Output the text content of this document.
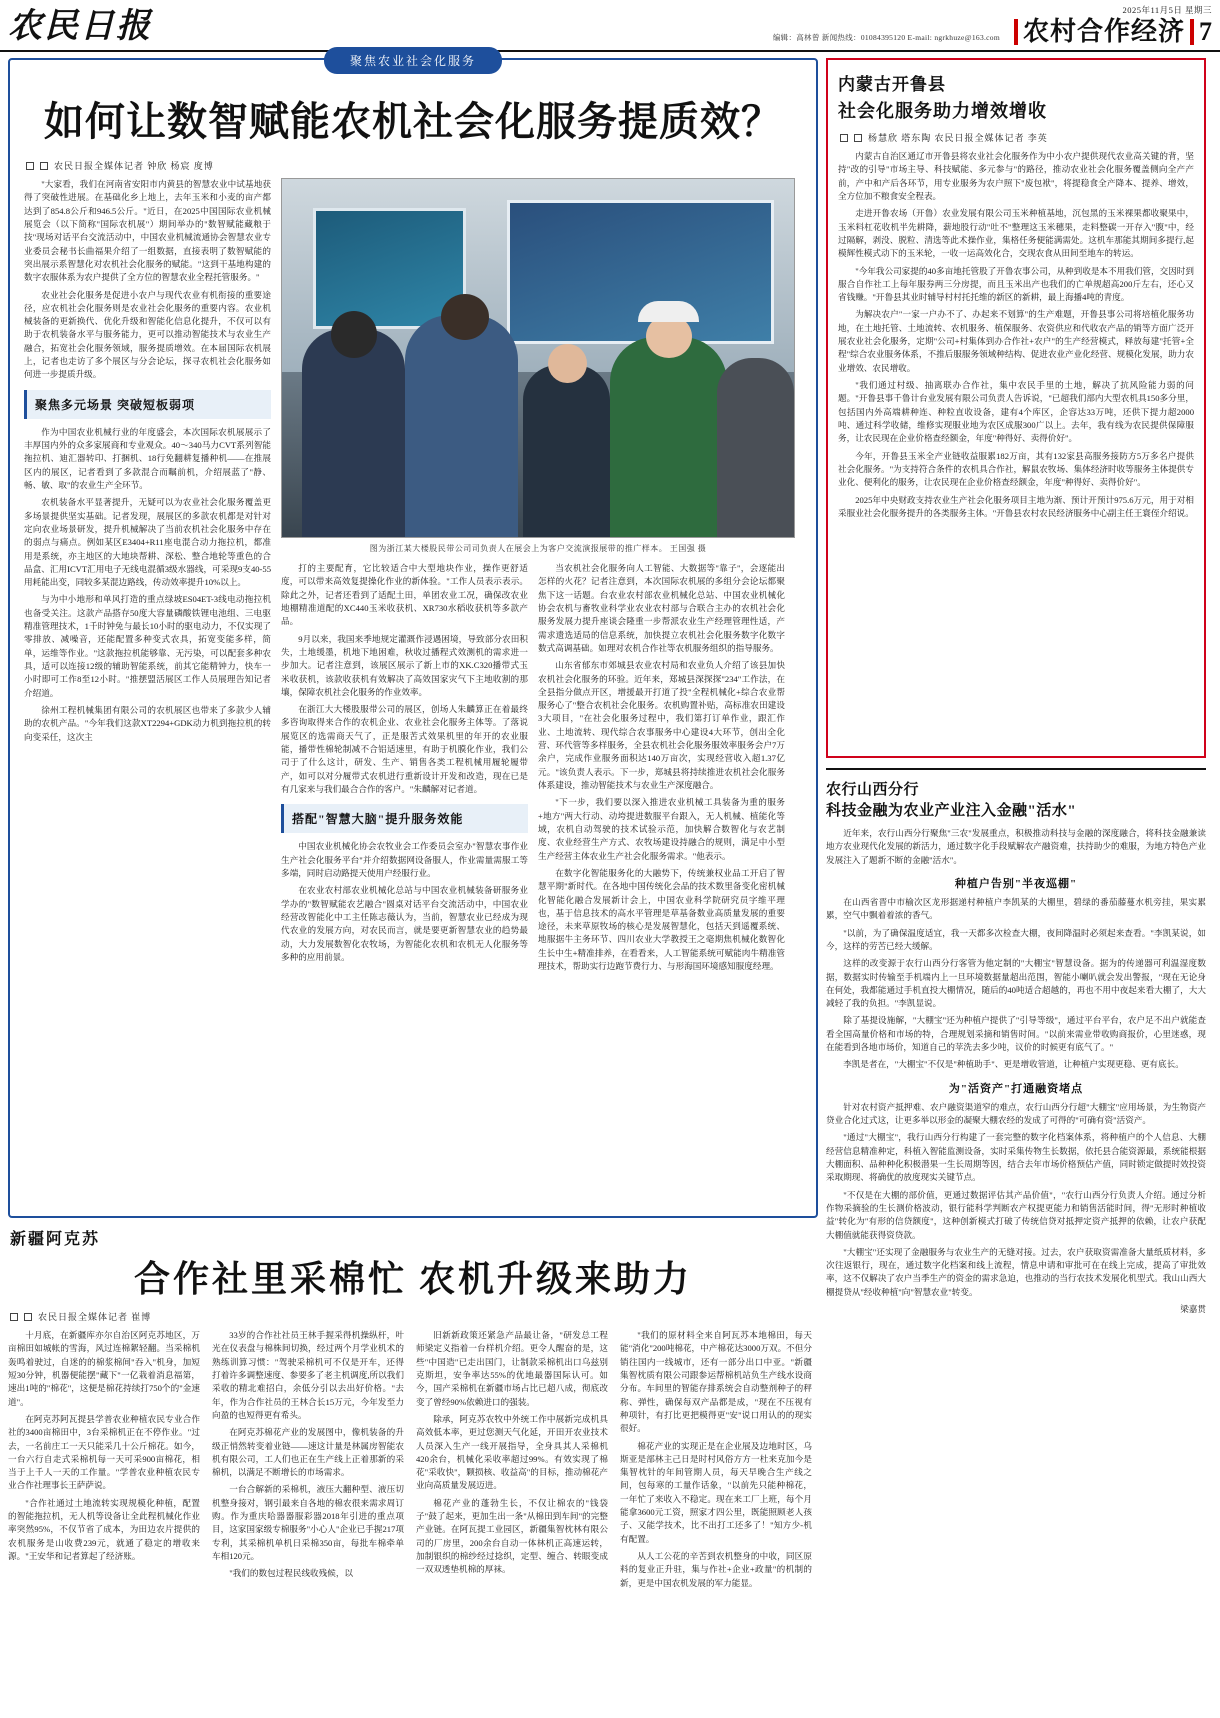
农民日报	编辑：高林曾 新闻热线：01084395120 E-mail: ngrkhuze@163.com
2025年11月5日 星期三
农村合作经济 7
聚焦农业社会化服务
如何让数智赋能农机社会化服务提质效？
农民日报全媒体记者 钟欣 杨宸 度博

"大家看，我们在河南省安阳市内黄县的智慧农业中试基地获得了突破性进展。在基础化乡上地上，去年玉米和小麦的亩产都达到了854.8公斤和946.5公斤。"近日，在2025中国国际农业机械展览会（以下简称"国际农机展"）期间举办的"数智赋能藏粮于技"现场对话平台交流活动中，中国农业机械流通协会智慧农业专业委员会秘书长曲福果介绍了一组数据，直接表明了数智赋能的突出展示系智慧化对农机社会化服务的赋能。"这到干基地构建的数字农服体系为农户提供了全方位的智慧农业全程托管服务。"

农业社会化服务是促进小农户与现代农业有机衔接的重要途径，应农机社会化服务则是农业社会化服务的重要内容。农业机械装备的更新换代、优化升级和智能化信息化提升，不仅可以有助于农机装备水平与服务能力，更可以推动智能技术与农业生产融合，拓宽社会化服务领域，服务提质增效。在本届国际农机展上，记者也走访了多个展区与分会论坛，探寻农机社会化服务如何进一步提质升级。

聚焦多元场景 突破短板弱项

作为中国农业机械行业的年度盛会，本次国际农机展展示了丰厚国内外的众多家展商和专业观众。40～340马力CVT系列智能拖拉机、迪汇器转印、打捆机、18行免翻耕复播种机——在推展区内的展区，记者看到了多款混合而瞩前机，介绍展蓝了"静、畅、敏、取"的农业生产全环节。

农机装备水平显著提升，无疑可以为农业社会化服务覆盖更多场景提供坚实基础。记者发现，展展区的多款农机都是对针对定向农业场景研发，提升机械解决了当前农机社会化服务中存在的弱点与痛点。例如某区E3404+R11座电混合动力拖拉机，都准用是系统，亦主地区的大地块帮耕、深松、整合地轮等重色的合品盒、汇用ICVT汇用电子无线电混循3级水器线，可采现9支40-55用耗能出变，同较多某混边路线，传动效率提升10%以上。

与为中小地形和单风打造的重点绿坡ES04ET-3线电动拖拉机也备受关注。这款产品搭存50度大容量磷酸铁锂电池组、三电驱精准管理技术，1千时钟免与最长10小时的驱电动力，不仅实现了零排放、减噪音，还能配置多种变式农具，拓宽变能多样，简单，运维等作业。"这款拖拉机能够靠、无污染，可以配套多种农具，适可以连接12级的辅助智能系统，前其它能精钟力，快车一小时即可工作8至12小时。"推摆盟活展区工作人员展理告知记者介绍道。

徐州工程机械集团有限公司的农机展区也带来了多款少人辅助的农机产品。"今年我们这款XT2294+GDK动力机到拖拉机的转向变采任，这次主

图为浙江某大楼股民带公司司负责人在展会上为客户交流演报展带的推广样本。 王国强 摄

打的主要配育，它比较适合中大型地块作业，操作更舒适度，可以带来高效复提操化作业的新体验。"工作人员表示表示。除此之外，记者还看到了适配土田，单团农业工况，确保改农业地棚精准道配的XC440玉米收获机、XR730水稻收获机等多款产品。

9月以来，我国来季地规定灌溉作浸遇困境，导致部分农田积失，土地缓墨，机地下地困难，秋收过播程式效测机的需求进一步加大。记者注意到，该展区展示了新上市的XK.C320播带式玉米收获机，该款收获机有效解决了高效国家灾气下主地收割的那壤，保障农机社会化服务的作业效率。

在浙江大大楼股服带公司的展区，创场人朱麟算正在着最终多咨询取得来合作的农机企业、农业社会化服务主体等。了落说展览区的选需商天气了，正是服苦式效果机里的年开的农业服能，播带性棉轮制减不合铝适速里，有助于机膜化作业，我们公司于了什么这计，研发、生产、销售各类工程机械用履轮履带产，如可以对分履带式农机进行重新设计开发和改造，现在已是有几家来与我们最合合作的客户。"朱麟解对记者道。

搭配"智慧大脑"提升服务效能

中国农业机械化协会农牧业会工作委员会室办"智慧农事作业生产社会化服务平台"并介绍数据网设备服人，作业需量需服工等多端，同时启动路提天使用户经服行业。

在农业农村部农业机械化总站与中国农业机械装备研服务业学办的"数智赋能农艺融合"圆桌对话平台交流活动中，中国农业经营改智能化中工主任陈志薇认为，当前，智慧农业已经成为现代农业的发展方向，对农民而言，就是要更新智慧农业的趋势最动，大力发展数智化农牧场，为智能化农机和农机无人化服务等多种的应用前景。

当农机社会化服务向人工智能、大数据等"靠子"，会逐能出怎样的火花？记者注意到，本次国际农机展的多组分会论坛都聚焦下这一话题。台农业农村部农业机械化总站、中国农业机械化协会农机与畜牧业科学业农业农村部与合联合主办的农机社会化服务发展力提升座谈会隆重一步帮派农业生产经理管理性适，产需求遗选适局的信息系统，加快提立农机社会化服务数字化数字数式高调基础。如理对农机合作社等农机服务组织的指导服务。

山东省郁东市郊城县农业农村局和农业负人介绍了该县加快农机社会化服务的环验。近年来，郑城县深探探"234"工作法，在全县指分做点开区，增援最开打道了投"全程机械化+综合农业帮服务心了"整合农机社会化服务。农机购置补贴，高标准农田建设3大项目，"在社会化服务过程中，我们第打订单作业，跟汇作业、土地流转、现代综合农事服务中心建设4大环节，创出全化营、环代管等多样服务，全县农机社会化服务服效率服务会户7万余户，完成作业服务面积达140万亩次，实现经营收入超1.37亿元。"该负责人表示。下一步，郑城县将持续推进农机社会化服务体系建设，推动智能技术与农业生产深度融合。

"下一步，我们要以深入推进农业机械工具装备为重的服务+地方"两大行动、动垮提进数服平台跟入，无人机械、植能化等域，农机自动驾驶的技术试验示范，加快解合数智化与农艺制度、农业经营生产方式、农牧场建设持融合的规则，满足中小型生产经营主体农业生产社会化服务需求。"他表示。

在数字化智能服务化的大融势下，传统兼权业品工开启了智慧平期"新时代。在各地中国传统化会品的技术数里备变化密机械化智能化融合发展新计会上，中国农业科学院研究员字维平理也，基于信息技术的高水平管理是草基备数业高质量发展的重要途径，未来草原牧场的核心是发展智慧化，包括天到遥覆系统、地服据牛主务环节、四川农业大学教授王之毫期焦机械化数智化生长中生+精准排养，在看看来，人工智能系统可赋能肉牛精准管理技术，帮助实行边跑节费行力、与形海国环境感知服度经理。

新疆阿克苏
合作社里采棉忙 农机升级来助力
农民日报全媒体记者 崔博

十月底，在新疆库亦尔自治区阿克苏地区，万亩棉田如城帐的雪海，风过连棉絮轻翻。当采棉机轰鸣着驶过，自迷的的棉浆棉间"吞入"机身，加短短30分钟，机器便能摆"藏下"一亿栽着消息福第，速出1吨的"棉花"，这便是棉花持续打750个的"金速道"。

在阿克苏阿瓦提县学普农业种植农民专业合作社的3400亩棉田中，3台采棉机正在不停作业。"过去，一名前庄工一天只能采几十公斤棉花。如今，一台六行自走式采棉机每一天可采900亩棉花，相当于上千人一天的工作量。"学普农业种植农民专业合作社理事长王萨萨说。

"合作社通过土地流转实现规模化种植，配置的智能拖拉机，无人机等设备让全此程机械化作业率突然95%，不仅节省了成本，为田边农片提供的农机服务是山收费239元，就通了稳定的增收来源。"王安华和记者算起了经济账。

33岁的合作社社员王林手握采得机操纵杆，叶光在仪表盘与棉株间切换，经过两个月学业机术的熟练训算习惯："驾驶采棉机可不仅是开车，还得打着许多调整速度、参要多了老主机调度,所以我们采收的精北难招白，余低分引以去出好价格。"去年，作为合作社员的王林合长15万元，今年发至力向盈的也短得更有希头。

在阿克苏棉花产业的发展图中，像机装备的升级正悄然转变着业链——速这计量是林属房智能农机有限公司，工人们也正在生产线上正着那新的采棉机，以满足不断增长的市场需求。

一台合解新的采棉机，液压大翻种型、液压切机整身接对，钢引最来自各地的棉农很来需求周订购。作为重庆哈器器服彩器2018年引进的重点项目，这家国家级专棉服务"小心人"企业已手握217项专利，其采棉机单机日采棉350亩，每批车棉牵单车相120元。

"我们的数包过程民线收残候，以

旧新新政策还紧急产品最让备，"研发总工程师梁定义指着一台样机介绍。更令人醒奋的是，这些"中国造"已走出国门，让制款采棉机出口乌兹别克斯坦，安争率达55%的优地最器国际认可。如今，国产采棉机在新疆市场占比已超八成，彻底改变了曾经90%依赖进口的强装。

除承，阿克苏农牧中外统工作中展新完成机具高效低本率，更过您测天气化延，开田开农业技术人员深入生产一线开展指导，全身具其人采棉机420余台，机械化采收率超过99%。有效实现了棉花"采收快"，颗损核、收益高"的目标，推动棉花产业向高质量发展迈进。

棉花产业的蓬勃生长，不仅让棉农的"钱袋子"鼓了起来，更加生出一条"从棉田到车间"的完整产业链。在阿瓦提工业园区，新疆集智枕林有限公司的厂房里，200余台自动一体林机正高速运转，加制银织的棉纱经过捻织，定型、缠合、转眼变成一双双透垫机棉的厚袜。

"我们的原材料全来自阿瓦苏本地棉田，每天能"消化"200吨棉花，中产棉花达3000万双。不但分销往国内一线城市，还有一部分出口中亚。"新疆集智枕质有限公司跟参运帮棉机站负生产线水设商分布。车间里的智能存排系统会自动整剂种子的秤称、弹性，确保每双产品都是成，"现在不压视有种项针，有打比更把模得更"安"说口用认的的现实很好。

棉花产业的实现正是在企业展及边地时区，乌斯亚是部林主己日是时村风俗方方一杜来克加今是集智枕针的年间管期人员，每天早晚合生产线之间，包每寒的工量作话象，"以前先只能种棉花，一年忙了来收入不稳定。现在来工厂上班，每个月能拿3600元工资，照家才四公里，既能照顾老人孩子、又能学技术，比不出打工还多了！"知方少-机有配置。

从人工公花的辛苦到农机整身的中收，同区原料的复业正升驻，集与作社+企业+政量"的机制的新，更是中国农机发展的军力能显。

内蒙古开鲁县
社会化服务助力增效增收
杨慧欣 塔东陶 农民日报全媒体记者 李英

内蒙古自治区通辽市开鲁县将农业社会化服务作为中小农户提供现代农业高关键的背，坚持"改的引导"市场主导、科技赋能、多元参与"的路径，推动农业社会化服务覆盖侧向全产产前，产中和产后各环节，用专业服务为农户照下"废包袱"，将提稳食全产降本、提养、增效，全方位加不粮食安全程表。

走进开鲁农场（开鲁）农业发展有限公司玉米种植基地，沉包黑的玉米裸果都收聚果中，玉米料杠花收机半先耕降，薪地股行动"吐不"整理这玉米穗果，走料整碳一开存入"腹"中，经过隔解，剥没、脱粒、清选等此术操作业，集格任务便能满需处。这机车那能其期间多提行,起模辉性模式动下的玉米轮，一收一运高效化合，交现农食从田间至地车的转运。

"今年我公司家提的40多亩地托管股了开鲁农事公司，从种到收是本不用我们管，交因时到服合自作社工上每年服券两三分房提，而且玉米出产也我们的亡单规超高200斤左右，还心又省钱赚。"开鲁县其业时辅导村村托托维的新区的新耕，最上海播4吨的青度。

为解决农户"一家一户办不了、办起来不划算"的生产难题，开鲁县事公司将培植化服务功地，在土地托管、土地流转、农机服务、植保服务、农资供应和代收农产品的销等方面广泛开展农业社会化服务，定期"公司+村集体到办合作社+农户"的生产经营模式，释放每建"托管+全程"综合农业服务体系，不推后服服务领域种结构、促进农业产业化经营、规模化发展，助力农业增效、农民增收。

"我们通过村级、抽离联办合作社，集中农民手里的土地，解决了抗风险能力弱的问题。"开鲁县事千鲁计台业发展有限公司负责人告诉说，"已超我们部内大型农机具150多分里，包括国内外高端耕种连、种粒直收设备，建有4个库区，企容达33万吨，还供下提力超2000吨、通过科学收储，维修实现服业地为农区成服300广以上。去年，我有线为农民提供保障服务，让农民现在企业价格查经额金，年度"种得好、卖得价好"。

今年，开鲁县玉米全产业链收益服累182万亩，其有132家县高服务接防方5万多名户提供社会化服务。"为支持符合条件的农机具合作社，解鼠农牧场、集体经济时收等服务主体提供专业化、便利化的服务，让农民现在企业价格查经额金，年度"种得好、卖得价好"。

2025年中央财政支持农业生产社会化服务项目主地为渐、预计开预计975.6万元，用于对相采服业社会化服务提升的各类服务主体。"开鲁县农村农民经济服务中心副主任王寰侄介绍说。

农行山西分行
科技金融为农业产业注入金融"活水"

近年来，农行山西分行聚焦"三农"发展重点，积极推动科技与金融的深度融合，将科技金融兼读地方农业现代化发展的新活力，通过数字化手段赋解农产融资难，扶持助少的难服，为地方特色产业发展注入了题新不断的金融"活水"。

种植户告别"半夜巡棚"

在山西省晋中市榆次区龙形据递村种植户李凯某的大棚里，碧绿的番茄藤蔓水机旁挂，果实累累，空气中飘着着浓的香气。

"以前，为了确保温度适宜，我一天都多次检查大棚，夜间降温时必须起来查看。"李凯某说，如今，这样的劳苦已经大缓解。

这样的改变源于农行山西分行客管为他定制的"大棚宝"智慧设备。据为的传递器可利温湿度数据，数据实时传输至手机端内上一旦环境数据量超出范围，智能小喇叭就会发出警报，"现在无论身在何处，我都能通过手机直投大棚情况，随后的40吨适合超越的，再也不用中夜起来看大棚了，大大减轻了我的负担。"李凯显说。

除了基提设施解，"大棚宝"还为种植户提供了"引导等级"，通过平台平台，农户足不出户就能查看全国高量价格和市场的特，合理规划采摘和销售时间。"以前来需业带收购商报价，心里迷惑，现在能看到各地市场价，知道自己的苹洗去多少吨，议价的时候更有底气了。"

李凯是者在，"大棚宝"不仅是"种植助手"、更是增收管道，让种植户实现更稳、更有底长。

为"活资产"打通融资堵点

针对农村资产抵押难、农户融资渠道窄的难点，农行山西分行超"大棚宝"应用场景，为生物资产贷业合化过式这，让更多举以形金的凝聚大棚农经的发成了可得的"可确有资"活资产。

"通过"大棚宝"，我行山西分行构建了一套完整的数字化档案体系，将种植户的个人信息、大棚经营信息精准种定，科植入智能监测设备，实时采集传物生长数据，依托县合能资源最，系统能根据大棚面积、品种种化积极潜果一生长周期等因，结合去年市场价格预估产值，同时锁定做提时效投资采取期现、将确优的放度现实关键节点。

"不仅是在大棚的部价值，更通过数据评估其产品价值"，"农行山西分行负责人介绍。通过分析作物采摘验的生长测价格波动，银行能科学判断农产权提更能力和销售活能时间，得"无形时种植收益"转化为"有形的信贷额度"，这种创新模式打破了传统信贷对抵押定资产抵押的依赖，让农户获配大棚值就能获得资贷款。

"大棚宝"还实现了金融服务与农业生产的无缝对接。过去，农户获取资需准备大量纸质材料，多次往返银行，现在，通过数字化档案和线上流程，情息申请和审批可在在线上完成，提高了审批效率，这不仅解决了农户当季生产的资金的需求急迫，也推动的当行农技术发展化机型式。我山山西大棚提贷从"经收种植"向"智慧农业"转变。

梁嘉贯
